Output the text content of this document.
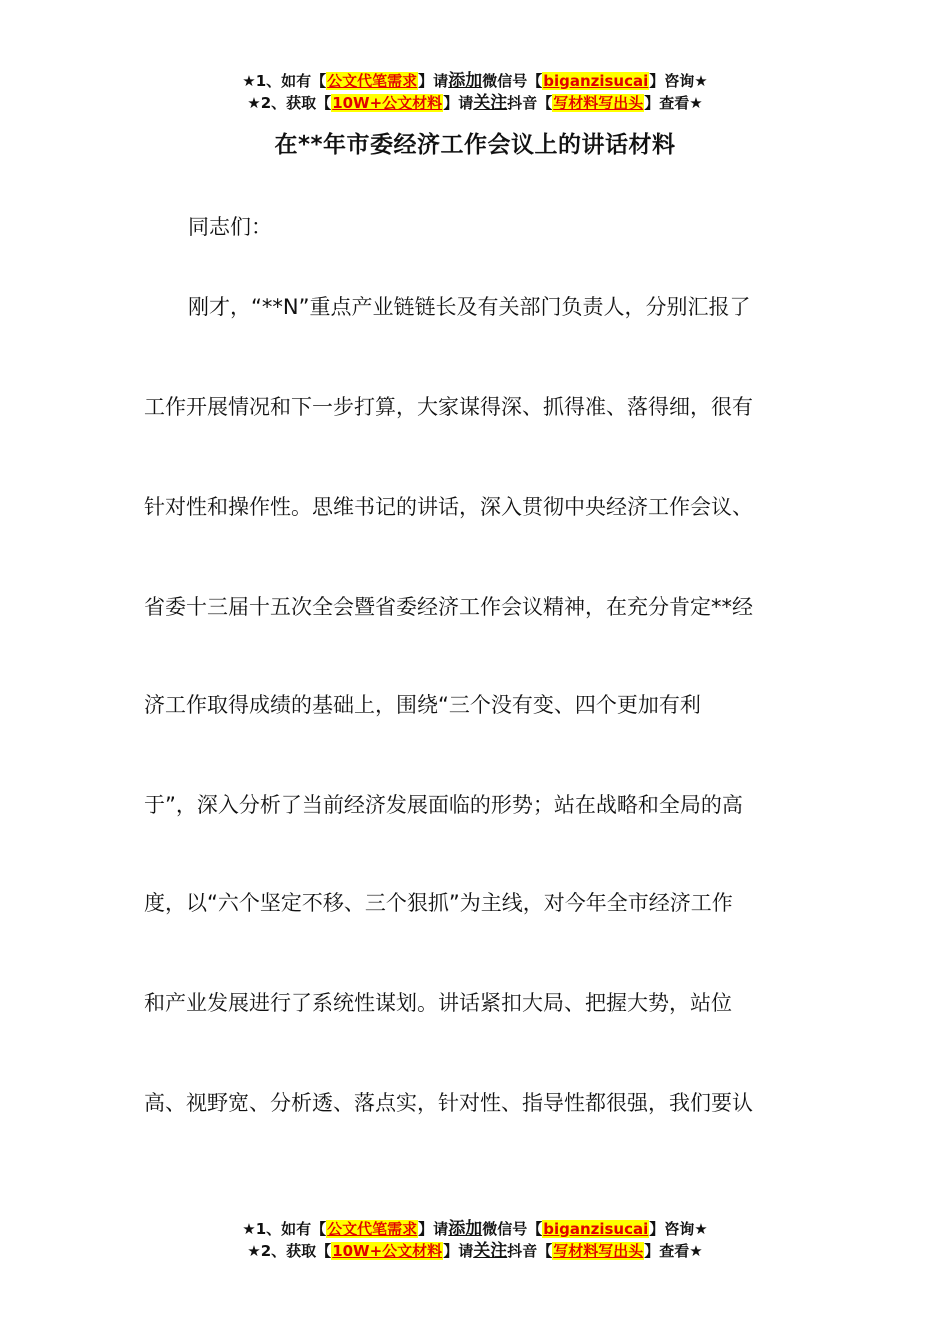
★1、如有【公文代笔需求】请添加微信号【biganzisucai】咨询★
★2、获取【10W+公文材料】请关注抖音【写材料写出头】查看★
在**年市委经济工作会议上的讲话材料
同志们：
刚才，“**N”重点产业链链长及有关部门负责人，分别汇报了
工作开展情况和下一步打算，大家谋得深、抓得准、落得细，很有
针对性和操作性。思维书记的讲话，深入贯彻中央经济工作会议、
省委十三届十五次全会暨省委经济工作会议精神，在充分肯定**经
济工作取得成绩的基础上，围绕“三个没有变、四个更加有利
于”，深入分析了当前经济发展面临的形势；站在战略和全局的高
度，以“六个坚定不移、三个狠抓”为主线，对今年全市经济工作
和产业发展进行了系统性谋划。讲话紧扣大局、把握大势，站位
高、视野宽、分析透、落点实，针对性、指导性都很强，我们要认
★1、如有【公文代笔需求】请添加微信号【biganzisucai】咨询★
★2、获取【10W+公文材料】请关注抖音【写材料写出头】查看★
